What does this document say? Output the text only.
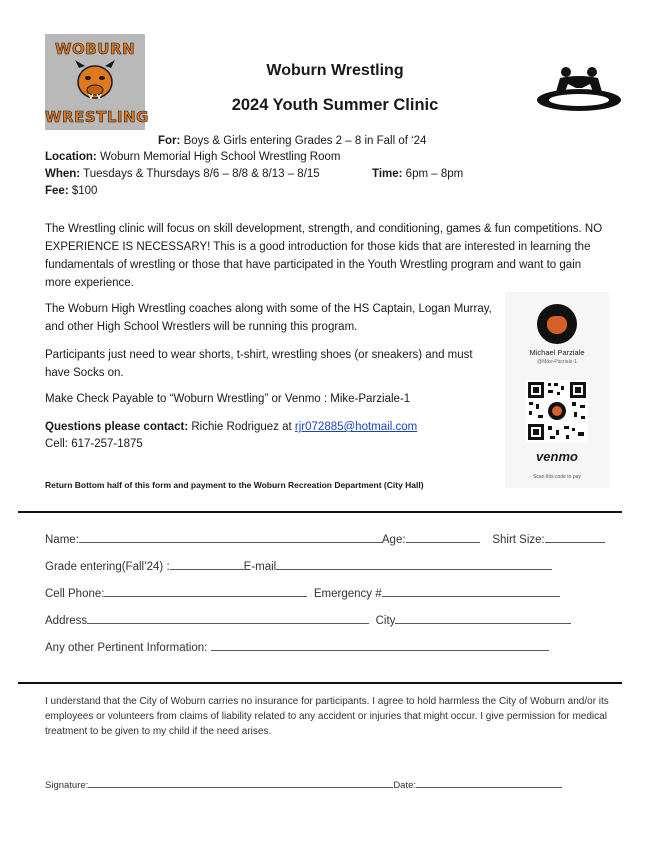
WOBURN
WRESTLING
Woburn Wrestling
2024 Youth Summer Clinic
For: Boys & Girls entering Grades 2 – 8 in Fall of ‘24
Location: Woburn Memorial High School Wrestling Room
When: Tuesdays & Thursdays 8/6 – 8/8 & 8/13 – 8/15	Time: 6pm – 8pm
Fee: $100
The Wrestling clinic will focus on skill development, strength, and conditioning, games & fun competitions. NO EXPERIENCE IS NECESSARY! This is a good introduction for those kids that are interested in learning the fundamentals of wrestling or those that have participated in the Youth Wrestling program and want to gain more experience.
The Woburn High Wrestling coaches along with some of the HS Captain, Logan Murray, and other High School Wrestlers will be running this program.
Participants just need to wear shorts, t-shirt, wrestling shoes (or sneakers) and must have Socks on.
Make Check Payable to “Woburn Wrestling” or Venmo : Mike-Parziale-1
Questions please contact: Richie Rodriguez at rjr072885@hotmail.com
Cell: 617-257-1875
Return Bottom half of this form and payment to the Woburn Recreation Department (City Hall)
Michael Parziale
@Mike-Parziale-1
venmo
Scan this code to pay
Name:	Age:	Shirt Size:
Grade entering(Fall’24) :	E-mail
Cell Phone:	Emergency #
Address	City
Any other Pertinent Information:
I understand that the City of Woburn carries no insurance for participants. I agree to hold harmless the City of Woburn and/or its employees or volunteers from claims of liability related to any accident or injuries that might occur. I give permission for medical treatment to be given to my child if the need arises.
Signature:	Date:
